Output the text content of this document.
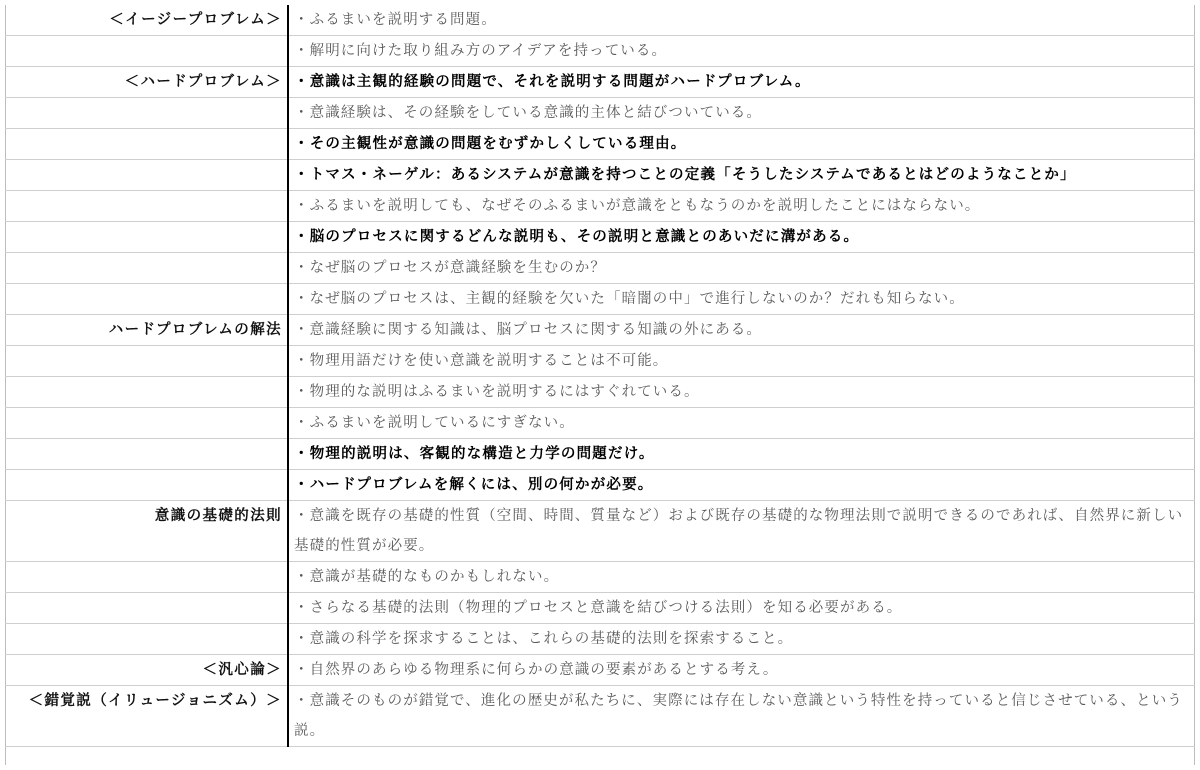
＜イージープロブレム＞	・ふるまいを説明する問題。
	・解明に向けた取り組み方のアイデアを持っている。
＜ハードプロブレム＞	・意識は主観的経験の問題で、それを説明する問題がハードプロブレム。
	・意識経験は、その経験をしている意識的主体と結びついている。
	・その主観性が意識の問題をむずかしくしている理由。
	・トマス・ネーゲル：あるシステムが意識を持つことの定義「そうしたシステムであるとはどのようなことか」
	・ふるまいを説明しても、なぜそのふるまいが意識をともなうのかを説明したことにはならない。
	・脳のプロセスに関するどんな説明も、その説明と意識とのあいだに溝がある。
	・なぜ脳のプロセスが意識経験を生むのか？
	・なぜ脳のプロセスは、主観的経験を欠いた「暗闇の中」で進行しないのか？だれも知らない。
ハードプロブレムの解法	・意識経験に関する知識は、脳プロセスに関する知識の外にある。
	・物理用語だけを使い意識を説明することは不可能。
	・物理的な説明はふるまいを説明するにはすぐれている。
	・ふるまいを説明しているにすぎない。
	・物理的説明は、客観的な構造と力学の問題だけ。
	・ハードプロブレムを解くには、別の何かが必要。
意識の基礎的法則	・意識を既存の基礎的性質（空間、時間、質量など）および既存の基礎的な物理法則で説明できるのであれば、自然界に新しい基礎的性質が必要。
	・意識が基礎的なものかもしれない。
	・さらなる基礎的法則（物理的プロセスと意識を結びつける法則）を知る必要がある。
	・意識の科学を探求することは、これらの基礎的法則を探索すること。
＜汎心論＞	・自然界のあらゆる物理系に何らかの意識の要素があるとする考え。
＜錯覚説（イリュージョニズム）＞	・意識そのものが錯覚で、進化の歴史が私たちに、実際には存在しない意識という特性を持っていると信じさせている、という説。
